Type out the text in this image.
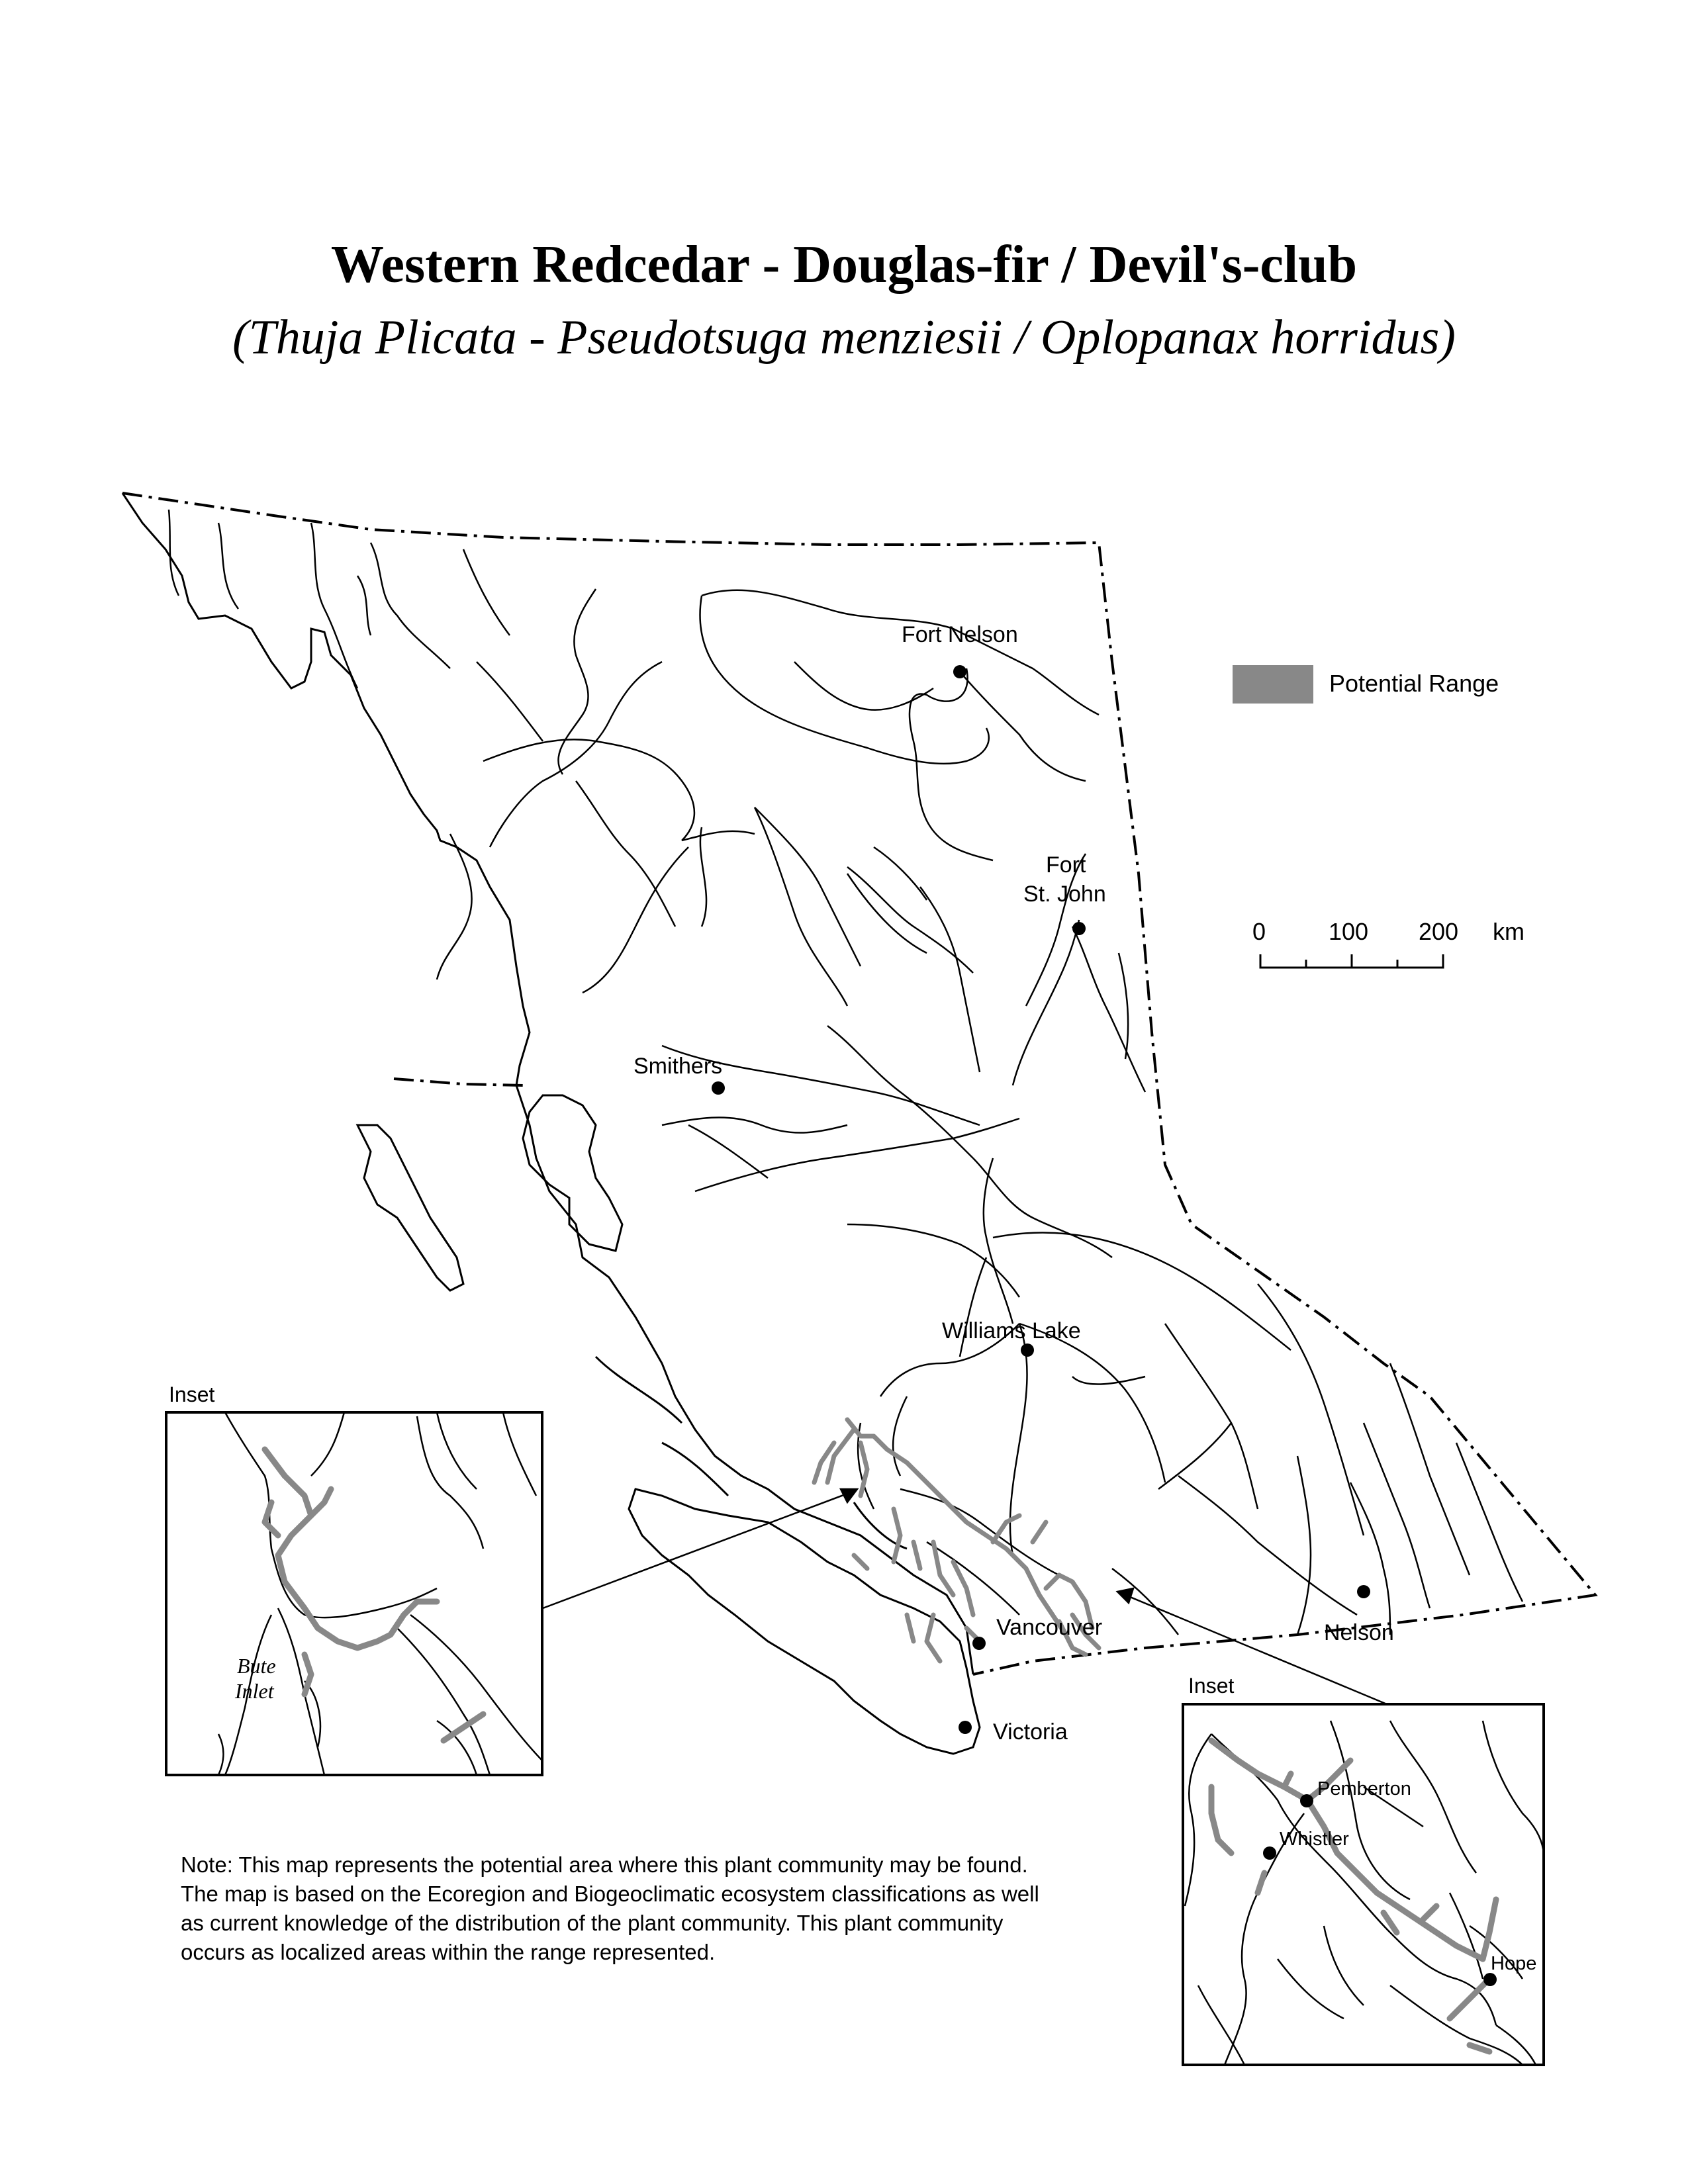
Western Redcedar - Douglas-fir / Devil's-club
(Thuja Plicata - Pseudotsuga menziesii / Oplopanax horridus)
Fort Nelson
Fort
St. John
Smithers
Williams Lake
Vancouver
Victoria
Nelson
Potential Range
0	100 200 km
Inset
Bute
Inlet	Inset
Pemberton
Whistler
Hope
Note: This map represents the potential area where this plant community may be found.
The map is based on the Ecoregion and Biogeoclimatic ecosystem classifications as well
as current knowledge of the distribution of the plant community. This plant community
occurs as localized areas within the range represented.
